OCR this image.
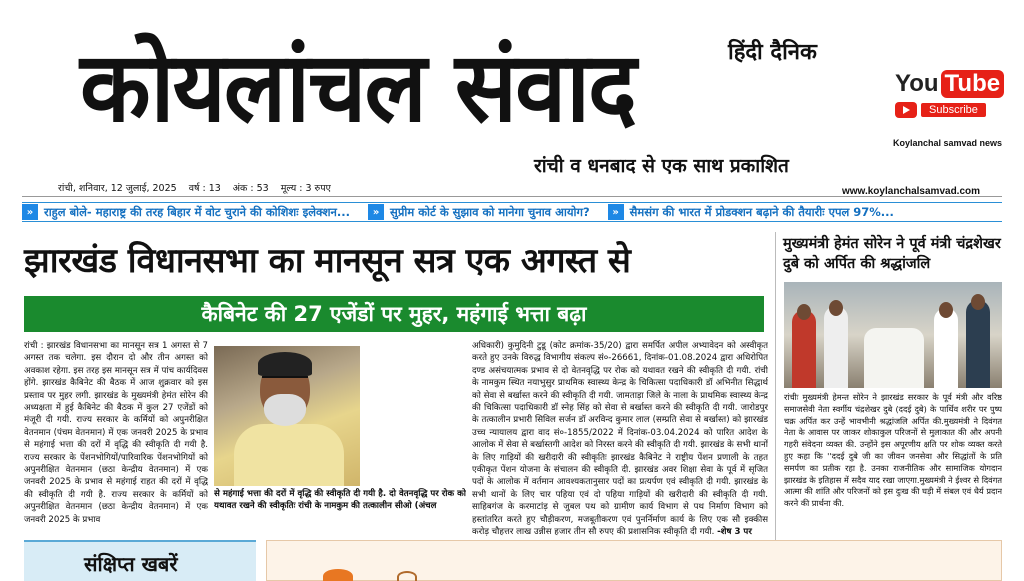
हिंदी दैनिक
कोयलांचल संवाद
रांची व धनबाद से एक साथ प्रकाशित
You Tube
Subscribe
Koylanchal samvad news
रांची, शनिवार, 12 जुलाई, 2025 वर्ष : 13 अंक : 53 मूल्य : 3 रुपए	www.koylanchalsamvad.com
» राहुल बोले- महाराष्ट्र की तरह बिहार में वोट चुराने की कोशिशः इलेक्शन...	» सुप्रीम कोर्ट के सुझाव को मानेगा चुनाव आयोग?	» सैमसंग की भारत में प्रोडक्शन बढ़ाने की तैयारीः एपल 97%...
झारखंड विधानसभा का मानसून सत्र एक अगस्त से
कैबिनेट की 27 एजेंडों पर मुहर, महंगाई भत्ता बढ़ा
रांची : झारखंड विधानसभा का मानसून सत्र 1 अगस्त से 7 अगस्त तक चलेगा. इस दौरान दो और तीन अगस्त को अवकाश रहेगा. इस तरह इस मानसून सत्र में पांच कार्यदिवस होंगे. झारखंड कैबिनेट की बैठक में आज शुक्रवार को इस प्रस्ताव पर मुहर लगी. झारखंड के मुख्यमंत्री हेमंत सोरेन की अध्यक्षता में हुई कैबिनेट की बैठक में कुल 27 एजेंडों को मंजूरी दी गयी. राज्य सरकार के कर्मियों को अपुनरीक्षित वेतनमान (पंचम वेतनमान) में एक जनवरी 2025 के प्रभाव से महंगाई भत्ता की दरों में वृद्धि की स्वीकृति दी गयी है. राज्य सरकार के पेंशनभोगियों/पारिवारिक पेंशनभोगियों को अपुनरीक्षित वेतनमान (छठा केन्द्रीय वेतनमान) में एक जनवरी 2025 के प्रभाव से महंगाई राहत की दरों में वृद्धि की स्वीकृति दी गयी है. राज्य सरकार के कर्मियों को अपुनरीक्षित वेतनमान (छठा केन्द्रीय वेतनमान) में एक जनवरी 2025 के प्रभाव
से महंगाई भत्ता की दरों में वृद्धि की स्वीकृति दी गयी है. दो वेतनवृद्धि पर रोक को यथावत रखने की स्वीकृतिः रांची के नामकुम की तत्कालीन सीओ (अंचल
अधिकारी) कुमुदिनी टुडू (कोट क्रमांक-35/20) द्वारा समर्पित अपील अभ्यावेदन को अस्वीकृत करते हुए उनके विरुद्ध विभागीय संकल्प सं०-26661, दिनांक-01.08.2024 द्वारा अधिरोपित दण्ड असंचयात्मक प्रभाव से दो वेतनवृद्धि पर रोक को यथावत रखने की स्वीकृति दी गयी. रांची के नामकुम स्थित नयाभुसुर प्राथमिक स्वास्थ्य केन्द्र के चिकित्सा पदाधिकारी डॉ अभिनीत सिद्धार्थ को सेवा से बर्खास्त करने की स्वीकृति दी गयी. जामताड़ा जिले के नाला के प्राथमिक स्वास्थ्य केन्द्र की चिकित्सा पदाधिकारी डॉ स्नेह सिंह को सेवा से बर्खास्त करने की स्वीकृति दी गयी. जारोडपुर के तत्कालीन प्रभारी सिविल सर्जन डॉ अरविन्द कुमार लाल (सम्प्रति सेवा से बर्खास्त) को झारखंड उच्च न्यायालय द्वारा वाद सं०-1855/2022 में दिनांक-03.04.2024 को पारित आदेश के आलोक में सेवा से बर्खास्तगी आदेश को निरस्त करने की स्वीकृति दी गयी. झारखंड के सभी थानों के लिए गाड़ियों की खरीदारी की स्वीकृतिः झारखंड कैबिनेट ने राष्ट्रीय पेंशन प्रणाली के तहत एकीकृत पेंशन योजना के संचालन की स्वीकृति दी. झारखंड अवर शिक्षा सेवा के पूर्व में सृजित पदों के आलोक में वर्तमान आवश्यकतानुसार पदों का प्रत्यर्पण एवं स्वीकृति दी गयी. झारखंड के सभी थानों के लिए चार पहिया एवं दो पहिया गाड़ियों की खरीदारी की स्वीकृति दी गयी. साहिबगंज के करमाटांड़ से जुबल पथ को ग्रामीण कार्य विभाग से पथ निर्माण विभाग को हस्तांतरित करते हुए चौड़ीकरण, मजबूतीकरण एवं पुनर्निर्माण कार्य के लिए एक सौ इक्कीस करोड़ चौहत्तर लाख उन्नीस हजार तीन सौ रुपए की प्रशासनिक स्वीकृति दी गयी. -शेष 3 पर
मुख्यमंत्री हेमंत सोरेन ने पूर्व मंत्री चंद्रशेखर दुबे को अर्पित की श्रद्धांजलि
रांचीः मुख्यमंत्री हेमन्त सोरेन ने झारखंड सरकार के पूर्व मंत्री और वरिष्ठ समाजसेवी नेता स्वर्गीय चंद्रशेखर दुबे (ददई दुबे) के पार्थिव शरीर पर पुष्प चक्र अर्पित कर उन्हें भावभीनी श्रद्धांजलि अर्पित की.मुख्यमंत्री ने दिवंगत नेता के आवास पर जाकर शोकाकुल परिजनों से मुलाकात की और अपनी गहरी संवेदना व्यक्त की. उन्होंने इस अपूरणीय क्षति पर शोक व्यक्त करते हुए कहा कि ''ददई दुबे जी का जीवन जनसेवा और सिद्धांतों के प्रति समर्पण का प्रतीक रहा है. उनका राजनीतिक और सामाजिक योगदान झारखंड के इतिहास में सदैव याद रखा जाएगा.मुख्यमंत्री ने ईश्वर से दिवंगत आत्मा की शांति और परिजनों को इस दुःख की घड़ी में संबल एवं धैर्य प्रदान करने की प्रार्थना की.
संक्षिप्त खबरें
